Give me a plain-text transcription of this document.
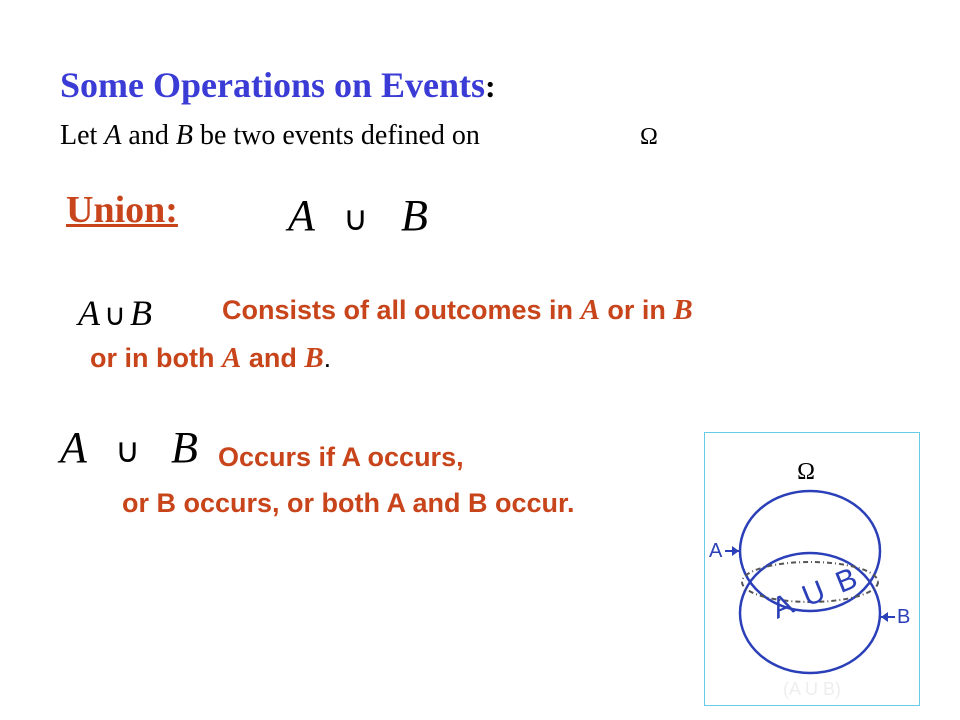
Some Operations on Events:
Let A and B be two events defined on	Ω
Union:	A ∪ B
A ∪ B	Consists of all outcomes in A or in B
or in both A and B.
A ∪ B Occurs if A occurs,
or B occurs, or both A and B occur.
Ω
A
B
A U B
(A U B)
